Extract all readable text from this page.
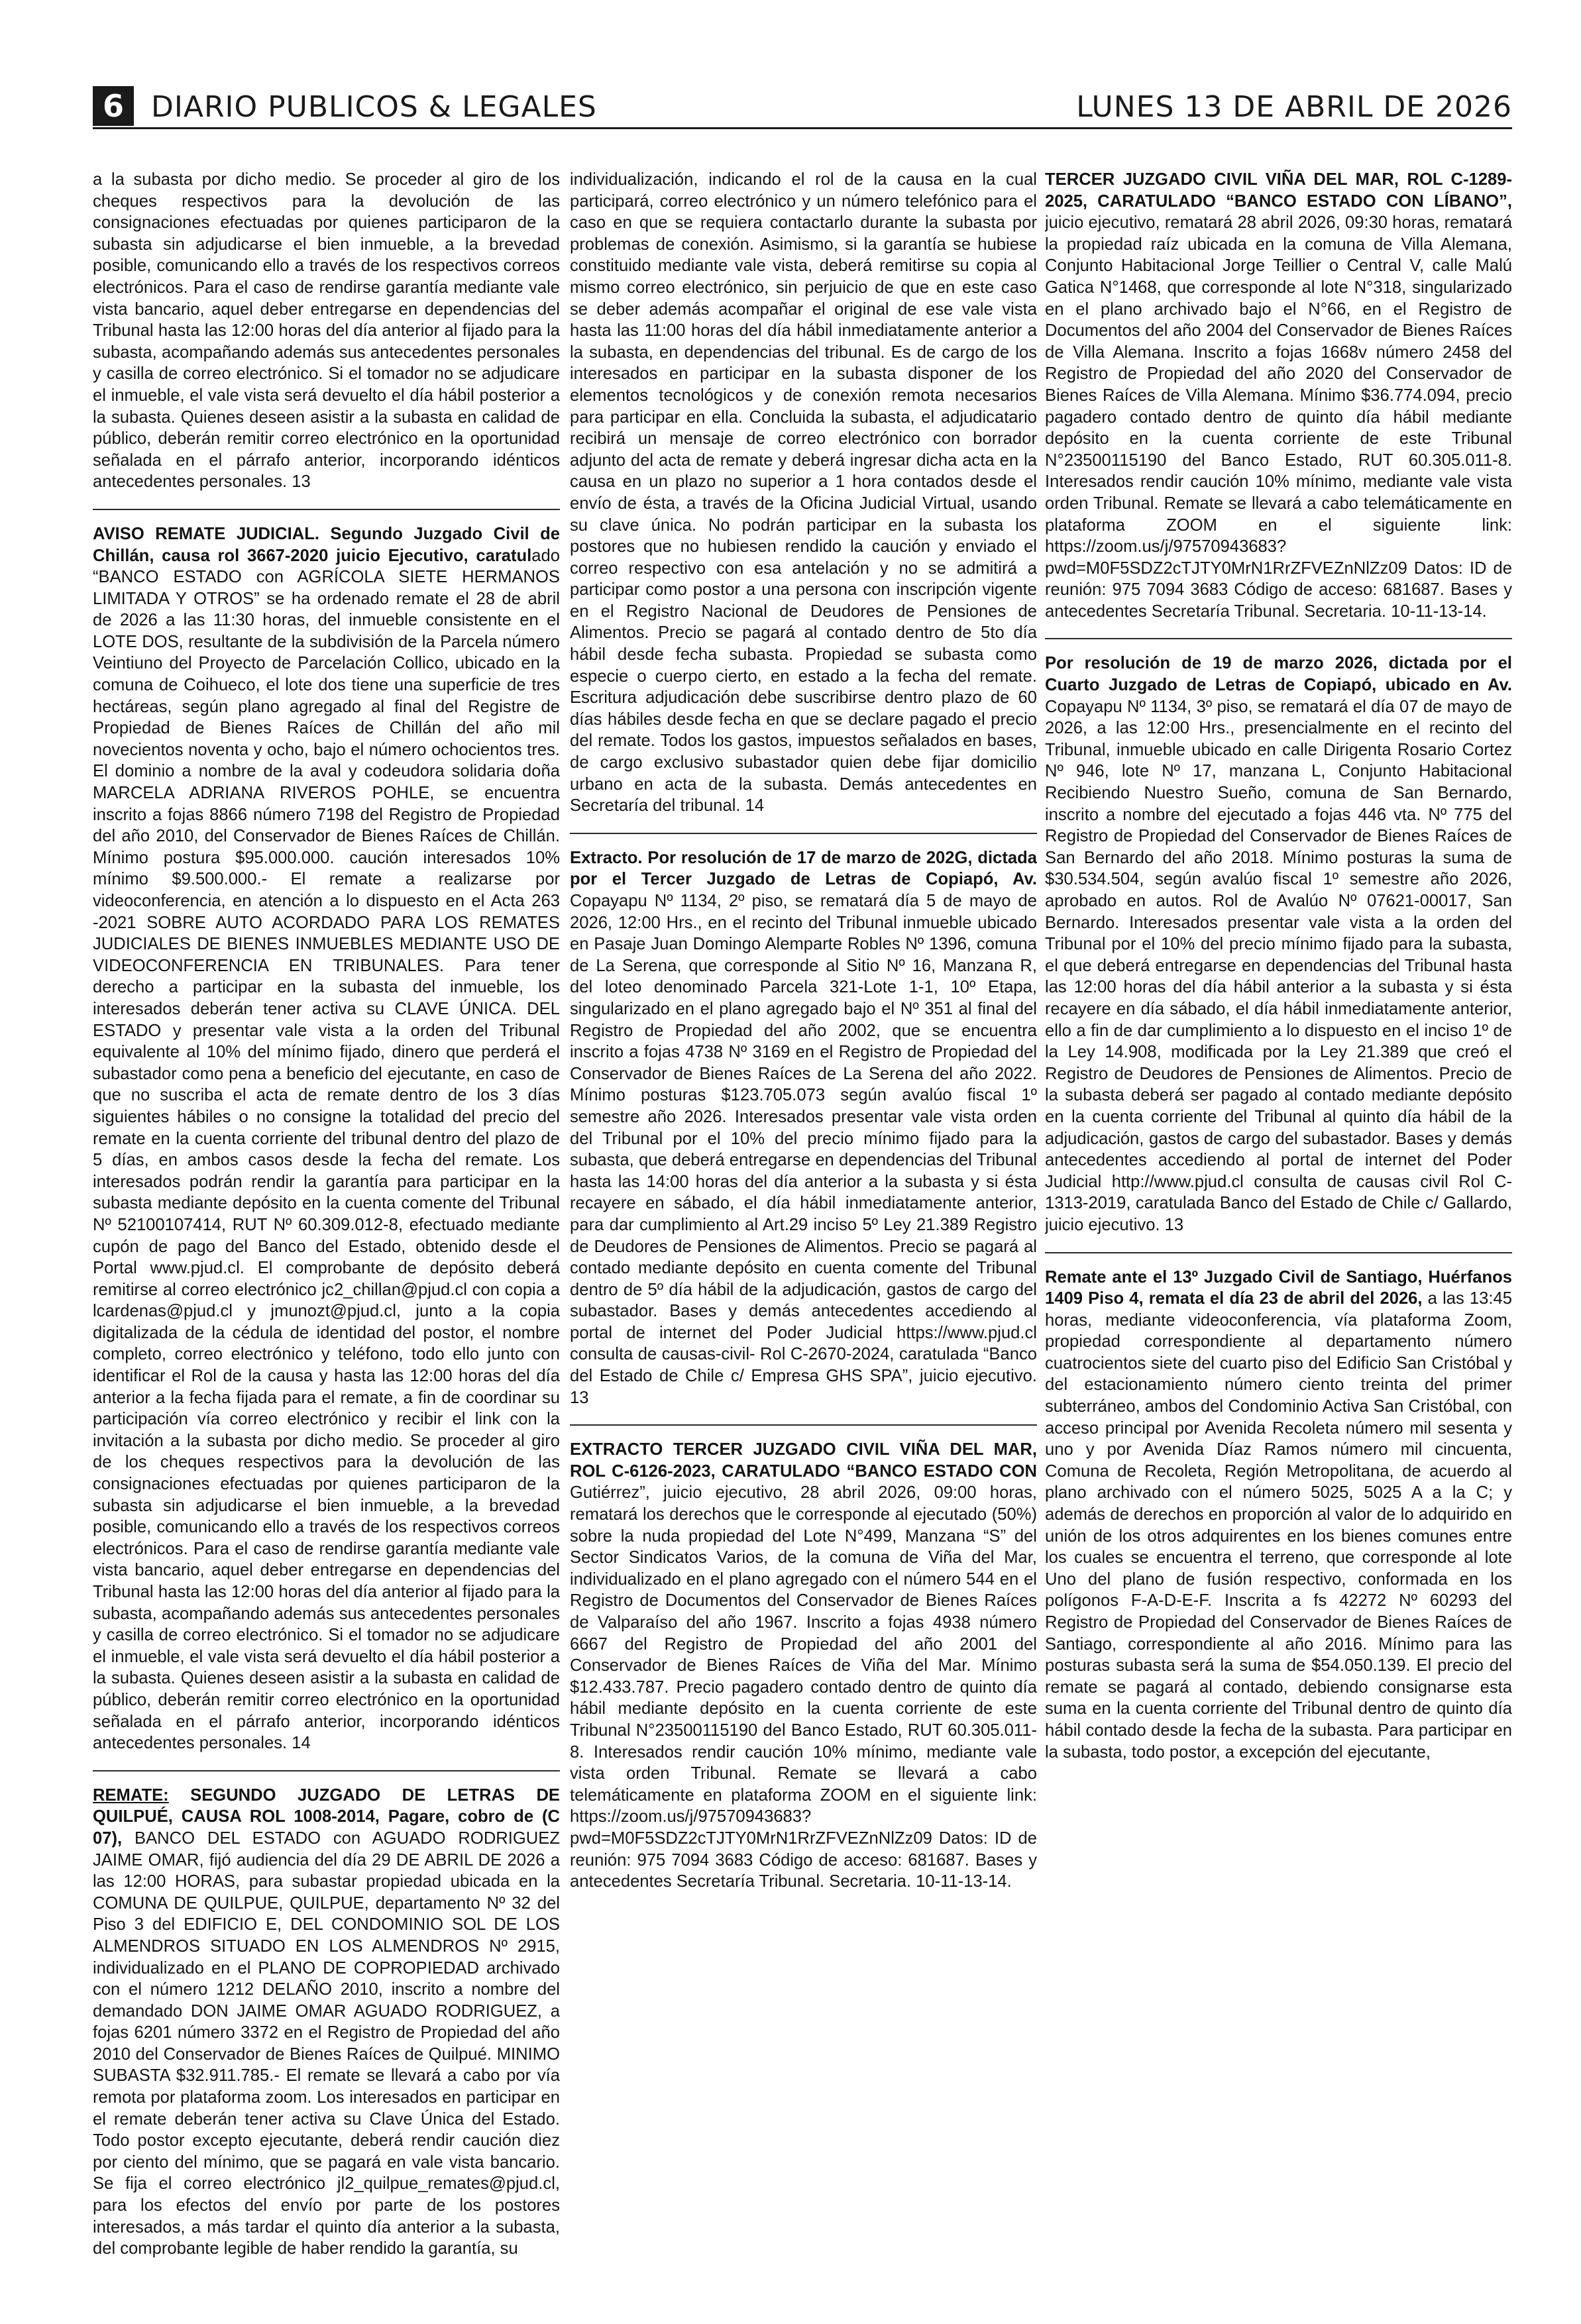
6 DIARIO PUBLICOS & LEGALES	LUNES 13 DE ABRIL DE 2026

a la subasta por dicho medio. Se proceder al giro de los cheques respectivos para la devolución de las consignaciones efectuadas por quienes participaron de la subasta sin adjudicarse el bien inmueble, a la brevedad posible, comunicando ello a través de los respectivos correos electrónicos. Para el caso de rendirse garantía mediante vale vista bancario, aquel deber entregarse en dependencias del Tribunal hasta las 12:00 horas del día anterior al fijado para la subasta, acompañando además sus antecedentes personales y casilla de correo electrónico. Si el tomador no se adjudicare el inmueble, el vale vista será devuelto el día hábil posterior a la subasta. Quienes deseen asistir a la subasta en calidad de público, deberán remitir correo electrónico en la oportunidad señalada en el párrafo anterior, incorporando idénticos antecedentes personales. 13

AVISO REMATE JUDICIAL. Segundo Juzgado Civil de Chillán, causa rol 3667-2020 juicio Ejecutivo, caratulado “BANCO ESTADO con AGRÍCOLA SIETE HERMANOS LIMITADA Y OTROS” se ha ordenado remate el 28 de abril de 2026 a las 11:30 horas, del inmueble consistente en el LOTE DOS, resultante de la subdivisión de la Parcela número Veintiuno del Proyecto de Parcelación Collico, ubicado en la comuna de Coihueco, el lote dos tiene una superficie de tres hectáreas, según plano agregado al final del Registre de Propiedad de Bienes Raíces de Chillán del año mil novecientos noventa y ocho, bajo el número ochocientos tres. El dominio a nombre de la aval y codeudora solidaria doña MARCELA ADRIANA RIVEROS POHLE, se encuentra inscrito a fojas 8866 número 7198 del Registro de Propiedad del año 2010, del Conservador de Bienes Raíces de Chillán. Mínimo postura $95.000.000. caución interesados 10% mínimo $9.500.000.- El remate a realizarse por videoconferencia, en atención a lo dispuesto en el Acta 263 -2021 SOBRE AUTO ACORDADO PARA LOS REMATES JUDICIALES DE BIENES INMUEBLES MEDIANTE USO DE VIDEOCONFERENCIA EN TRIBUNALES. Para tener derecho a participar en la subasta del inmueble, los interesados deberán tener activa su CLAVE ÚNICA. DEL ESTADO y presentar vale vista a la orden del Tribunal equivalente al 10% del mínimo fijado, dinero que perderá el subastador como pena a beneficio del ejecutante, en caso de que no suscriba el acta de remate dentro de los 3 días siguientes hábiles o no consigne la totalidad del precio del remate en la cuenta corriente del tribunal dentro del plazo de 5 días, en ambos casos desde la fecha del remate. Los interesados podrán rendir la garantía para participar en la subasta mediante depósito en la cuenta comente del Tribunal Nº 52100107414, RUT Nº 60.309.012-8, efectuado mediante cupón de pago del Banco del Estado, obtenido desde el Portal www.pjud.cl. El comprobante de depósito deberá remitirse al correo electrónico jc2_chillan@pjud.cl con copia a lcardenas@pjud.cl y jmunozt@pjud.cl, junto a la copia digitalizada de la cédula de identidad del postor, el nombre completo, correo electrónico y teléfono, todo ello junto con identificar el Rol de la causa y hasta las 12:00 horas del día anterior a la fecha fijada para el remate, a fin de coordinar su participación vía correo electrónico y recibir el link con la invitación a la subasta por dicho medio. Se proceder al giro de los cheques respectivos para la devolución de las consignaciones efectuadas por quienes participaron de la subasta sin adjudicarse el bien inmueble, a la brevedad posible, comunicando ello a través de los respectivos correos electrónicos. Para el caso de rendirse garantía mediante vale vista bancario, aquel deber entregarse en dependencias del Tribunal hasta las 12:00 horas del día anterior al fijado para la subasta, acompañando además sus antecedentes personales y casilla de correo electrónico. Si el tomador no se adjudicare el inmueble, el vale vista será devuelto el día hábil posterior a la subasta. Quienes deseen asistir a la subasta en calidad de público, deberán remitir correo electrónico en la oportunidad señalada en el párrafo anterior, incorporando idénticos antecedentes personales. 14

REMATE: SEGUNDO JUZGADO DE LETRAS DE QUILPUÉ, CAUSA ROL 1008-2014, Pagare, cobro de (C 07), BANCO DEL ESTADO con AGUADO RODRIGUEZ JAIME OMAR, fijó audiencia del día 29 DE ABRIL DE 2026 a las 12:00 HORAS, para subastar propiedad ubicada en la COMUNA DE QUILPUE, QUILPUE, departamento Nº 32 del Piso 3 del EDIFICIO E, DEL CONDOMINIO SOL DE LOS ALMENDROS SITUADO EN LOS ALMENDROS Nº 2915, individualizado en el PLANO DE COPROPIEDAD archivado con el número 1212 DELAÑO 2010, inscrito a nombre del demandado DON JAIME OMAR AGUADO RODRIGUEZ, a fojas 6201 número 3372 en el Registro de Propiedad del año 2010 del Conservador de Bienes Raíces de Quilpué. MINIMO SUBASTA $32.911.785.- El remate se llevará a cabo por vía remota por plataforma zoom. Los interesados en participar en el remate deberán tener activa su Clave Única del Estado. Todo postor excepto ejecutante, deberá rendir caución diez por ciento del mínimo, que se pagará en vale vista bancario. Se fija el correo electrónico jl2_quilpue_remates@pjud.cl, para los efectos del envío por parte de los postores interesados, a más tardar el quinto día anterior a la subasta, del comprobante legible de haber rendido la garantía, su

individualización, indicando el rol de la causa en la cual participará, correo electrónico y un número telefónico para el caso en que se requiera contactarlo durante la subasta por problemas de conexión. Asimismo, si la garantía se hubiese constituido mediante vale vista, deberá remitirse su copia al mismo correo electrónico, sin perjuicio de que en este caso se deber además acompañar el original de ese vale vista hasta las 11:00 horas del día hábil inmediatamente anterior a la subasta, en dependencias del tribunal. Es de cargo de los interesados en participar en la subasta disponer de los elementos tecnológicos y de conexión remota necesarios para participar en ella. Concluida la subasta, el adjudicatario recibirá un mensaje de correo electrónico con borrador adjunto del acta de remate y deberá ingresar dicha acta en la causa en un plazo no superior a 1 hora contados desde el envío de ésta, a través de la Oficina Judicial Virtual, usando su clave única. No podrán participar en la subasta los postores que no hubiesen rendido la caución y enviado el correo respectivo con esa antelación y no se admitirá a participar como postor a una persona con inscripción vigente en el Registro Nacional de Deudores de Pensiones de Alimentos. Precio se pagará al contado dentro de 5to día hábil desde fecha subasta. Propiedad se subasta como especie o cuerpo cierto, en estado a la fecha del remate. Escritura adjudicación debe suscribirse dentro plazo de 60 días hábiles desde fecha en que se declare pagado el precio del remate. Todos los gastos, impuestos señalados en bases, de cargo exclusivo subastador quien debe fijar domicilio urbano en acta de la subasta. Demás antecedentes en Secretaría del tribunal. 14

Extracto. Por resolución de 17 de marzo de 202G, dictada por el Tercer Juzgado de Letras de Copiapó, Av. Copayapu Nº 1134, 2º piso, se rematará día 5 de mayo de 2026, 12:00 Hrs., en el recinto del Tribunal inmueble ubicado en Pasaje Juan Domingo Alemparte Robles Nº 1396, comuna de La Serena, que corresponde al Sitio Nº 16, Manzana R, del loteo denominado Parcela 321-Lote 1-1, 10º Etapa, singularizado en el plano agregado bajo el Nº 351 al final del Registro de Propiedad del año 2002, que se encuentra inscrito a fojas 4738 Nº 3169 en el Registro de Propiedad del Conservador de Bienes Raíces de La Serena del año 2022. Mínimo posturas $123.705.073 según avalúo fiscal 1º semestre año 2026. Interesados presentar vale vista orden del Tribunal por el 10% del precio mínimo fijado para la subasta, que deberá entregarse en dependencias del Tribunal hasta las 14:00 horas del día anterior a la subasta y si ésta recayere en sábado, el día hábil inmediatamente anterior, para dar cumplimiento al Art.29 inciso 5º Ley 21.389 Registro de Deudores de Pensiones de Alimentos. Precio se pagará al contado mediante depósito en cuenta comente del Tribunal dentro de 5º día hábil de la adjudicación, gastos de cargo del subastador. Bases y demás antecedentes accediendo al portal de internet del Poder Judicial https://www.pjud.cl consulta de causas-civil- Rol C-2670-2024, caratulada “Banco del Estado de Chile c/ Empresa GHS SPA”, juicio ejecutivo. 13

EXTRACTO TERCER JUZGADO CIVIL VIÑA DEL MAR, ROL C-6126-2023, CARATULADO “BANCO ESTADO CON Gutiérrez”, juicio ejecutivo, 28 abril 2026, 09:00 horas, rematará los derechos que le corresponde al ejecutado (50%) sobre la nuda propiedad del Lote N°499, Manzana “S” del Sector Sindicatos Varios, de la comuna de Viña del Mar, individualizado en el plano agregado con el número 544 en el Registro de Documentos del Conservador de Bienes Raíces de Valparaíso del año 1967. Inscrito a fojas 4938 número 6667 del Registro de Propiedad del año 2001 del Conservador de Bienes Raíces de Viña del Mar. Mínimo $12.433.787. Precio pagadero contado dentro de quinto día hábil mediante depósito en la cuenta corriente de este Tribunal N°23500115190 del Banco Estado, RUT 60.305.011-8. Interesados rendir caución 10% mínimo, mediante vale vista orden Tribunal. Remate se llevará a cabo telemáticamente en plataforma ZOOM en el siguiente link: https://zoom.us/j/97570943683?pwd=M0F5SDZ2cTJTY0MrN1RrZFVEZnNlZz09 Datos: ID de reunión: 975 7094 3683 Código de acceso: 681687. Bases y antecedentes Secretaría Tribunal. Secretaria. 10-11-13-14.

TERCER JUZGADO CIVIL VIÑA DEL MAR, ROL C-1289-2025, CARATULADO “BANCO ESTADO CON LÍBANO”, juicio ejecutivo, rematará 28 abril 2026, 09:30 horas, rematará la propiedad raíz ubicada en la comuna de Villa Alemana, Conjunto Habitacional Jorge Teillier o Central V, calle Malú Gatica N°1468, que corresponde al lote N°318, singularizado en el plano archivado bajo el N°66, en el Registro de Documentos del año 2004 del Conservador de Bienes Raíces de Villa Alemana. Inscrito a fojas 1668v número 2458 del Registro de Propiedad del año 2020 del Conservador de Bienes Raíces de Villa Alemana. Mínimo $36.774.094, precio pagadero contado dentro de quinto día hábil mediante depósito en la cuenta corriente de este Tribunal N°23500115190 del Banco Estado, RUT 60.305.011-8. Interesados rendir caución 10% mínimo, mediante vale vista orden Tribunal. Remate se llevará a cabo telemáticamente en plataforma ZOOM en el siguiente link: https://zoom.us/j/97570943683?pwd=M0F5SDZ2cTJTY0MrN1RrZFVEZnNlZz09 Datos: ID de reunión: 975 7094 3683 Código de acceso: 681687. Bases y antecedentes Secretaría Tribunal. Secretaria. 10-11-13-14.

Por resolución de 19 de marzo 2026, dictada por el Cuarto Juzgado de Letras de Copiapó, ubicado en Av. Copayapu Nº 1134, 3º piso, se rematará el día 07 de mayo de 2026, a las 12:00 Hrs., presencialmente en el recinto del Tribunal, inmueble ubicado en calle Dirigenta Rosario Cortez Nº 946, lote Nº 17, manzana L, Conjunto Habitacional Recibiendo Nuestro Sueño, comuna de San Bernardo, inscrito a nombre del ejecutado a fojas 446 vta. Nº 775 del Registro de Propiedad del Conservador de Bienes Raíces de San Bernardo del año 2018. Mínimo posturas la suma de $30.534.504, según avalúo fiscal 1º semestre año 2026, aprobado en autos. Rol de Avalúo Nº 07621-00017, San Bernardo. Interesados presentar vale vista a la orden del Tribunal por el 10% del precio mínimo fijado para la subasta, el que deberá entregarse en dependencias del Tribunal hasta las 12:00 horas del día hábil anterior a la subasta y si ésta recayere en día sábado, el día hábil inmediatamente anterior, ello a fin de dar cumplimiento a lo dispuesto en el inciso 1º de la Ley 14.908, modificada por la Ley 21.389 que creó el Registro de Deudores de Pensiones de Alimentos. Precio de la subasta deberá ser pagado al contado mediante depósito en la cuenta corriente del Tribunal al quinto día hábil de la adjudicación, gastos de cargo del subastador. Bases y demás antecedentes accediendo al portal de internet del Poder Judicial http://www.pjud.cl consulta de causas civil Rol C-1313-2019, caratulada Banco del Estado de Chile c/ Gallardo, juicio ejecutivo. 13

Remate ante el 13º Juzgado Civil de Santiago, Huérfanos 1409 Piso 4, remata el día 23 de abril del 2026, a las 13:45 horas, mediante videoconferencia, vía plataforma Zoom, propiedad correspondiente al departamento número cuatrocientos siete del cuarto piso del Edificio San Cristóbal y del estacionamiento número ciento treinta del primer subterráneo, ambos del Condominio Activa San Cristóbal, con acceso principal por Avenida Recoleta número mil sesenta y uno y por Avenida Díaz Ramos número mil cincuenta, Comuna de Recoleta, Región Metropolitana, de acuerdo al plano archivado con el número 5025, 5025 A a la C; y además de derechos en proporción al valor de lo adquirido en unión de los otros adquirentes en los bienes comunes entre los cuales se encuentra el terreno, que corresponde al lote Uno del plano de fusión respectivo, conformada en los polígonos F-A-D-E-F. Inscrita a fs 42272 Nº 60293 del Registro de Propiedad del Conservador de Bienes Raíces de Santiago, correspondiente al año 2016. Mínimo para las posturas subasta será la suma de $54.050.139. El precio del remate se pagará al contado, debiendo consignarse esta suma en la cuenta corriente del Tribunal dentro de quinto día hábil contado desde la fecha de la subasta. Para participar en la subasta, todo postor, a excepción del ejecutante,
